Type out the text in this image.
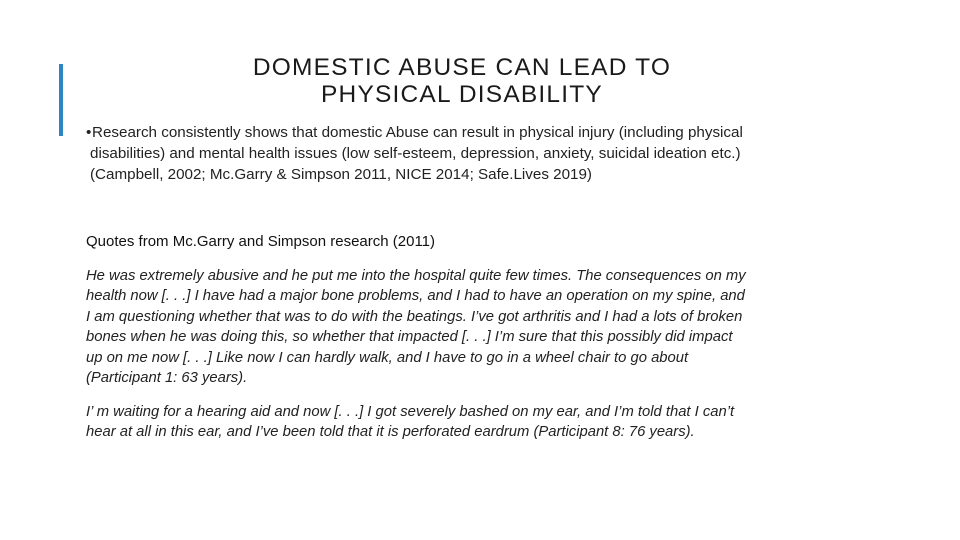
DOMESTIC ABUSE CAN LEAD TO
PHYSICAL DISABILITY
•Research consistently shows that domestic Abuse can result in physical injury (including physical
disabilities) and mental health issues (low self-esteem, depression, anxiety, suicidal ideation etc.)
(Campbell, 2002; Mc.Garry & Simpson 2011, NICE 2014; Safe.Lives 2019)
Quotes from Mc.Garry and Simpson research (2011)
He was extremely abusive and he put me into the hospital quite few times. The consequences on my
health now [. . .] I have had a major bone problems, and I had to have an operation on my spine, and
I am questioning whether that was to do with the beatings. I’ve got arthritis and I had a lots of broken
bones when he was doing this, so whether that impacted [. . .] I’m sure that this possibly did impact
up on me now [. . .] Like now I can hardly walk, and I have to go in a wheel chair to go about
(Participant 1: 63 years).
I’ m waiting for a hearing aid and now [. . .] I got severely bashed on my ear, and I’m told that I can’t
hear at all in this ear, and I’ve been told that it is perforated eardrum (Participant 8: 76 years).
